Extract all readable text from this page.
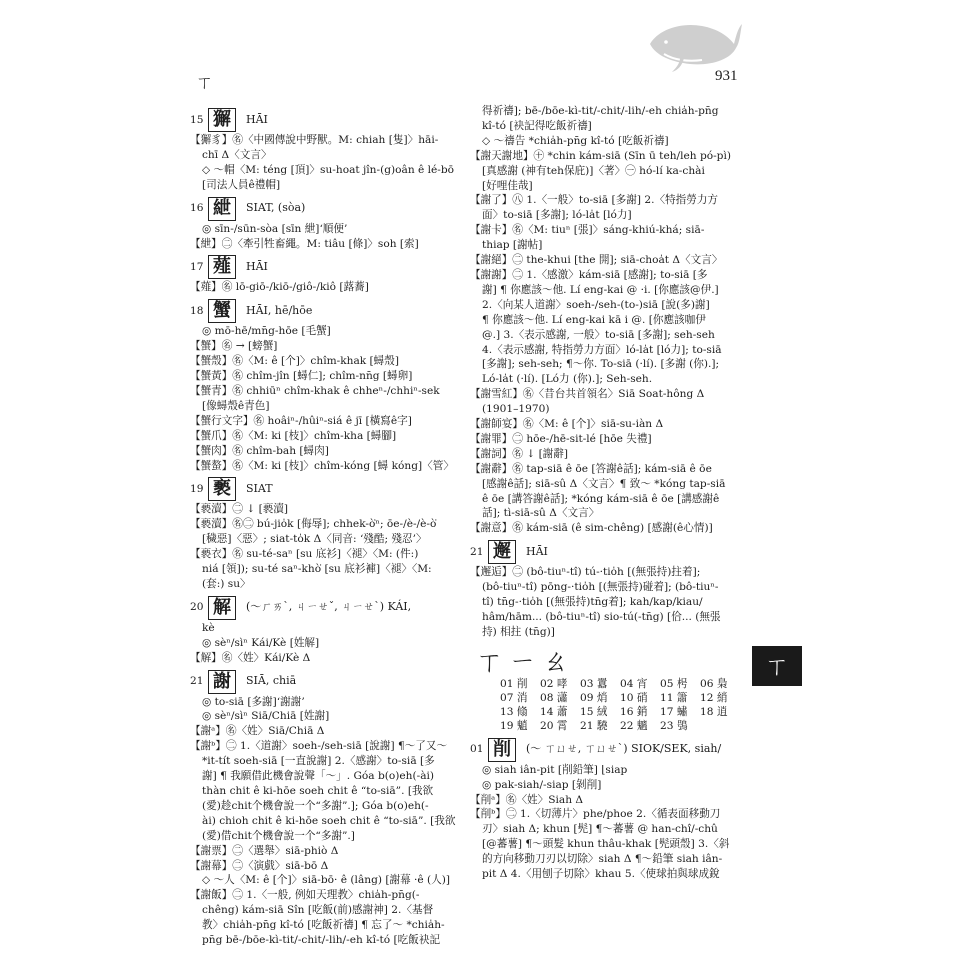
ㄒ	931
15 獬	HĀI
【獬豸】㊔〈中國傳說中野獸。M: chiah [隻]〉hāi-
chī Δ〈文言〉
◇ ～帽〈M: téng [頂]〉su-hoat jîn-(g)oân ê lé-bō
[司法人員ê禮帽]
16 紲	SIAT, (sòa)
◎ sīn-/sūn-sòa [sīn 紲]‘順便’
【紲】㊁〈牽引牲畜繩。M: tiâu [條]〉soh [索]
17 薤	HĀI
【薤】㊔ lō-giō-/kiō-/giô-/kiô [蕗蕎]
18 蟹	HĀI, hē/hōe
◎ mō-hē/mn̄g-hōe [毛蟹]
【蟹】㊔ → [螃蟹]
【蟹殼】㊔〈M: ê [个]〉chîm-khak [蟳殼]
【蟹黃】㊔ chîm-jîn [蟳仁]; chîm-nn̄g [蟳卵]
【蟹青】㊔ chhiūⁿ chîm-khak ê chheⁿ-/chhiⁿ-sek
[像蟳殼ê青色]
【蟹行文字】㊔ hoâiⁿ-/hûiⁿ-siá ê jī [橫寫ê字]
【蟹爪】㊔〈M: ki [枝]〉chîm-kha [蟳腳]
【蟹肉】㊔ chîm-bah [蟳肉]
【蟹螯】㊔〈M: ki [枝]〉chîm-kóng [蟳 kóng]〈管〉
19 褻	SIAT
【褻瀆】㊁ ↓ [褻瀆]
【褻瀆】㊔㊁ bú-jio̍k [侮辱]; chhek-ò͘ⁿ; ōe-/è-/è-ò͘
[穢惡]〈惡〉; siat-to̍k Δ〈同音: ‘殘酷; 殘忍’〉
【褻衣】㊔ su-té-saⁿ [su 底衫]〈褪〉〈M: (件:)
niá [領]); su-té saⁿ-khò͘ [su 底衫褲]〈褪〉〈M:
(套:) su〉
20 解	(～ㄏㄞˋ, ㄐㄧㄝˇ, ㄐㄧㄝˋ) KÁI,
kè
◎ sèⁿ/sìⁿ Kái/Kè [姓解]
【解】㊔〈姓〉Kái/Kè Δ
21 謝	SIĀ, chiā
◎ to-siā [多謝]‘謝謝’
◎ sèⁿ/sìⁿ Siā/Chiā [姓謝]
【謝ᵃ】㊔〈姓〉Siā/Chiā Δ
【謝ᵇ】㊁ 1.〈道謝〉soeh-/seh-siā [說謝] ¶～了又～
*it-tít soeh-siā [一直說謝] 2.〈感謝〉to-siā [多
謝] ¶ 我願借此機會說聲「～」. Góa b(o)eh(-ài)
thàn chit ê ki-hōe soeh chit ê “to-siā”. [我欲
(愛)趁chit个機會說一个“多謝”.]; Góa b(o)eh(-
ài) chioh chit ê ki-hōe soeh chit ê “to-siā”. [我欲
(愛)借chit个機會說一个“多謝”.]
【謝票】㊁〈選舉〉siā-phiò Δ
【謝幕】㊁〈演戲〉siā-bō Δ
◇ ～人〈M: ê [个]〉siā-bō· ê (lâng) [謝幕 ·ê (人)]
【謝飯】㊁ 1.〈一般, 例如天理教〉chia̍h-pn̄g(-
chêng) kám-siā Sîn [吃飯(前)感謝神] 2.〈基督
教〉chia̍h-pn̄g kî-tó [吃飯祈禱] ¶ 忘了～ *chia̍h-
pn̄g bē-/bōe-kì-tit/-chit/-lih/-eh kî-tó [吃飯袂記
得祈禱]; bē-/bōe-kì-tit/-chit/-lih/-eh chia̍h-pn̄g
kî-tó [袂記得吃飯祈禱]
◇ ～禱告 *chia̍h-pn̄g kî-tó [吃飯祈禱]
【謝天謝地】㊉ *chin kám-siā (Sīn ū teh/leh pó-pì)
[真感謝 (神有teh保庇)]〈著〉㊀ hó-lí ka-chài
[好哩佳哉]
【謝了】㊇ 1.〈一般〉to-siā [多謝] 2.〈特指勞力方
面〉to-siā [多謝]; ló-la̍t [ló力]
【謝卡】㊔〈M: tiuⁿ [張]〉sáng-khiú-khá; siā-
thiap [謝帖]
【謝絕】㊁ the-khui [the 開]; siā-choa̍t Δ〈文言〉
【謝謝】㊁ 1.〈感激〉kám-siā [感謝]; to-siā [多
謝] ¶ 你應該～他. Lí eng-kai @ ·i. [你應該@伊.]
2.〈向某人道謝〉soeh-/seh-(to-)siā [說(多)謝]
¶ 你應該～他. Lí eng-kai kā i @. [你應該咖伊
@.] 3.〈表示感謝, 一般〉to-siā [多謝]; seh-seh
4.〈表示感謝, 特指勞力方面〉ló-la̍t [ló力]; to-siā
[多謝]; seh-seh; ¶～你. To-siā (·lí). [多謝 (你).];
Ló-la̍t (·lí). [Ló力 (你).]; Seh-seh.
【謝雪紅】㊔〈昔台共首領名〉Siā Soat-hông Δ
(1901–1970)
【謝師宴】㊔〈M: ê [个]〉siā-su-iàn Δ
【謝罪】㊁ hōe-/hē-sit-lé [hōe 失禮]
【謝詞】㊔ ↓ [謝辭]
【謝辭】㊔ tap-siā ê ōe [答謝ê話]; kám-siā ê ōe
[感謝ê話]; siā-sû Δ〈文言〉¶ 致～ *kóng tap-siā
ê ōe [講答謝ê話]; *kóng kám-siā ê ōe [講感謝ê
話]; tì-siā-sû Δ〈文言〉
【謝意】㊔ kám-siā (ê sim-chêng) [感謝(ê心情)]
21 邂	HĀI
【邂逅】㊁ (bô-tiuⁿ-tî) tú-·tio̍h [(無張持)拄着];
(bô-tiuⁿ-tî) pōng-·tio̍h [(無張持)碰着]; (bô-tiuⁿ-
tî) tn̄g-·tio̍h [(無張持)tn̄g着]; kah/kap/kiau/
hâm/hām... (bô-tiuⁿ-tî) sio-tú(-tn̄g) [佮... (無張
持) 相拄 (tn̄g)]
ㄒㄧㄠ
01 削	02 哮	03 囂	04 宵	05 枵	06 梟
07 消	08 瀟	09 焇	10 硝	11 簫	12 綃
13 翛	14 蕭	15 絨	16 銷	17 蟰	18 逍
19 魈	20 霄	21 驍	22 魑	23 鴞
01 削	(～ ㄒㄩㄝ, ㄒㄩㄝˋ) SIOK/SEK, siah/
◎ siah iân-pit [削鉛筆] ⌊siap
◎ pak-siah/-siap [剝削]
【削ᵃ】㊔〈姓〉Siah Δ
【削ᵇ】㊁ 1.〈切薄片〉phe/phoe 2.〈循表面移動刀
刃〉siah Δ; khun [髡] ¶～蕃薯 @ han-chî/-chû
[@蕃薯] ¶～頭髮 khun thâu-khak [髡頭殼] 3.〈斜
的方向移動刀刃以切除〉siah Δ ¶～鉛筆 siah iân-
pit Δ 4.〈用刨子切除〉khau 5.〈使球拍與球成銳
ㄒ
